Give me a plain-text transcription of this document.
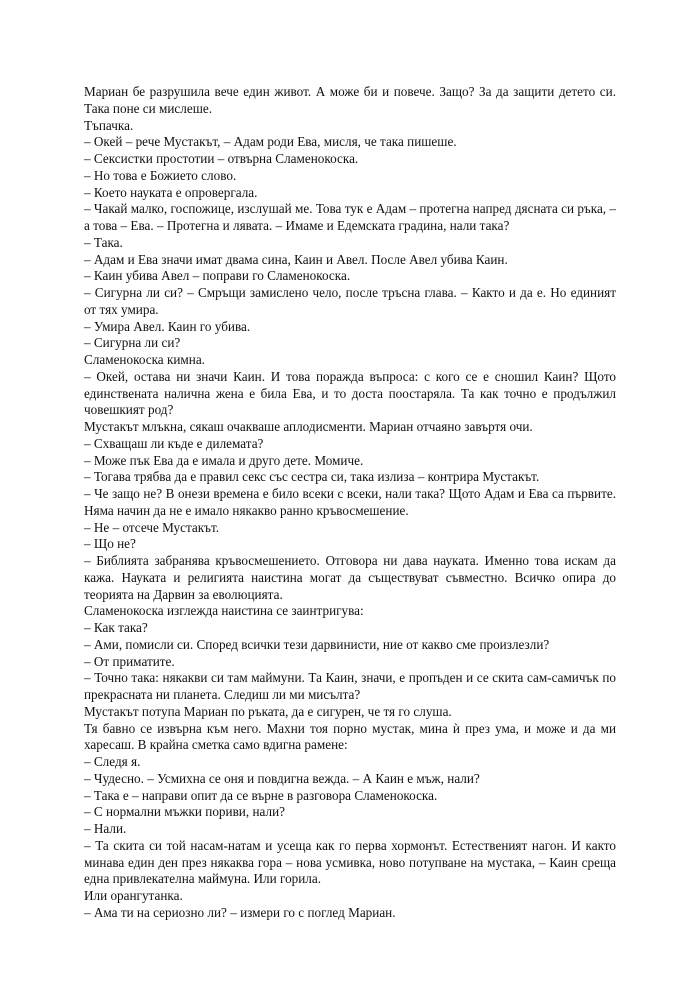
Мариан бе разрушила вече един живот. А може би и повече. Защо? За да защити детето си. Така поне си мислеше.

Тъпачка.

– Окей – рече Мустакът, – Адам роди Ева, мисля, че така пишеше.

– Сексистки простотии – отвърна Сламенокоска.

– Но това е Божието слово.

– Което науката е опровергала.

– Чакай малко, госпожице, изслушай ме. Това тук е Адам – протегна напред дясната си ръка, – а това – Ева. – Протегна и лявата. – Имаме и Едемската градина, нали така?

– Така.

– Адам и Ева значи имат двама сина, Каин и Авел. После Авел убива Каин.

– Каин убива Авел – поправи го Сламенокоска.

– Сигурна ли си? – Смръщи замислено чело, после тръсна глава. – Както и да е. Но единият от тях умира.

– Умира Авел. Каин го убива.

– Сигурна ли си?

Сламенокоска кимна.

– Окей, остава ни значи Каин. И това поражда въпроса: с кого се е сношил Каин? Щото единствената налична жена е била Ева, и то доста поостаряла. Та как точно е продължил човешкият род?

Мустакът млъкна, сякаш очакваше аплодисменти. Мариан отчаяно завъртя очи.

– Схващаш ли къде е дилемата?

– Може пък Ева да е имала и друго дете. Момиче.

– Тогава трябва да е правил секс със сестра си, така излиза – контрира Мустакът.

– Че защо не? В онези времена е било всеки с всеки, нали така? Щото Адам и Ева са първите. Няма начин да не е имало някакво ранно кръвосмешение.

– Не – отсече Мустакът.

– Що не?

– Библията забранява кръвосмешението. Отговора ни дава науката. Именно това искам да кажа. Науката и религията наистина могат да съществуват съвместно. Всичко опира до теорията на Дарвин за еволюцията.

Сламенокоска изглежда наистина се заинтригува:

– Как така?

– Ами, помисли си. Според всички тези дарвинисти, ние от какво сме произлезли?

– От приматите.

– Точно така: някакви си там маймуни. Та Каин, значи, е пропъден и се скита сам-самичък по прекрасната ни планета. Следиш ли ми мисълта?

Мустакът потупа Мариан по ръката, да е сигурен, че тя го слуша.

Тя бавно се извърна към него. Махни тоя порно мустак, мина ѝ през ума, и може и да ми харесаш. В крайна сметка само вдигна рамене:

– Следя я.

– Чудесно. – Усмихна се оня и повдигна вежда. – А Каин е мъж, нали?

– Така е – направи опит да се върне в разговора Сламенокоска.

– С нормални мъжки пориви, нали?

– Нали.

– Та скита си той насам-натам и усеща как го перва хормонът. Естественият нагон. И както минава един ден през някаква гора – нова усмивка, ново потупване на мустака, – Каин среща една привлекателна маймуна. Или горила.

Или орангутанка.

– Ама ти на сериозно ли? – измери го с поглед Мариан.
